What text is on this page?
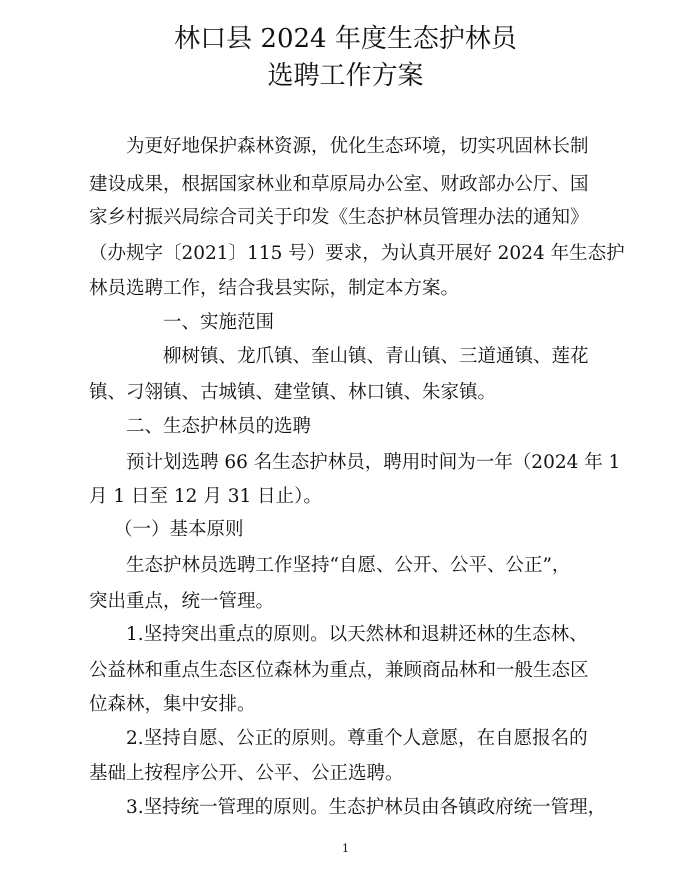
林口县 2024 年度生态护林员
选聘工作方案
为更好地保护森林资源，优化生态环境，切实巩固林长制
建设成果，根据国家林业和草原局办公室、财政部办公厅、国
家乡村振兴局综合司关于印发《生态护林员管理办法的通知》
（办规字〔2021〕115 号）要求，为认真开展好 2024 年生态护
林员选聘工作，结合我县实际，制定本方案。
一、实施范围
柳树镇、龙爪镇、奎山镇、青山镇、三道通镇、莲花
镇、刁翎镇、古城镇、建堂镇、林口镇、朱家镇。
二、生态护林员的选聘
预计划选聘 66 名生态护林员，聘用时间为一年（2024 年 1
月 1 日至 12 月 31 日止）。
（一）基本原则
生态护林员选聘工作坚持“自愿、公开、公平、公正”，
突出重点，统一管理。
1.坚持突出重点的原则。以天然林和退耕还林的生态林、
公益林和重点生态区位森林为重点，兼顾商品林和一般生态区
位森林，集中安排。
2.坚持自愿、公正的原则。尊重个人意愿，在自愿报名的
基础上按程序公开、公平、公正选聘。
3.坚持统一管理的原则。生态护林员由各镇政府统一管理，
1
